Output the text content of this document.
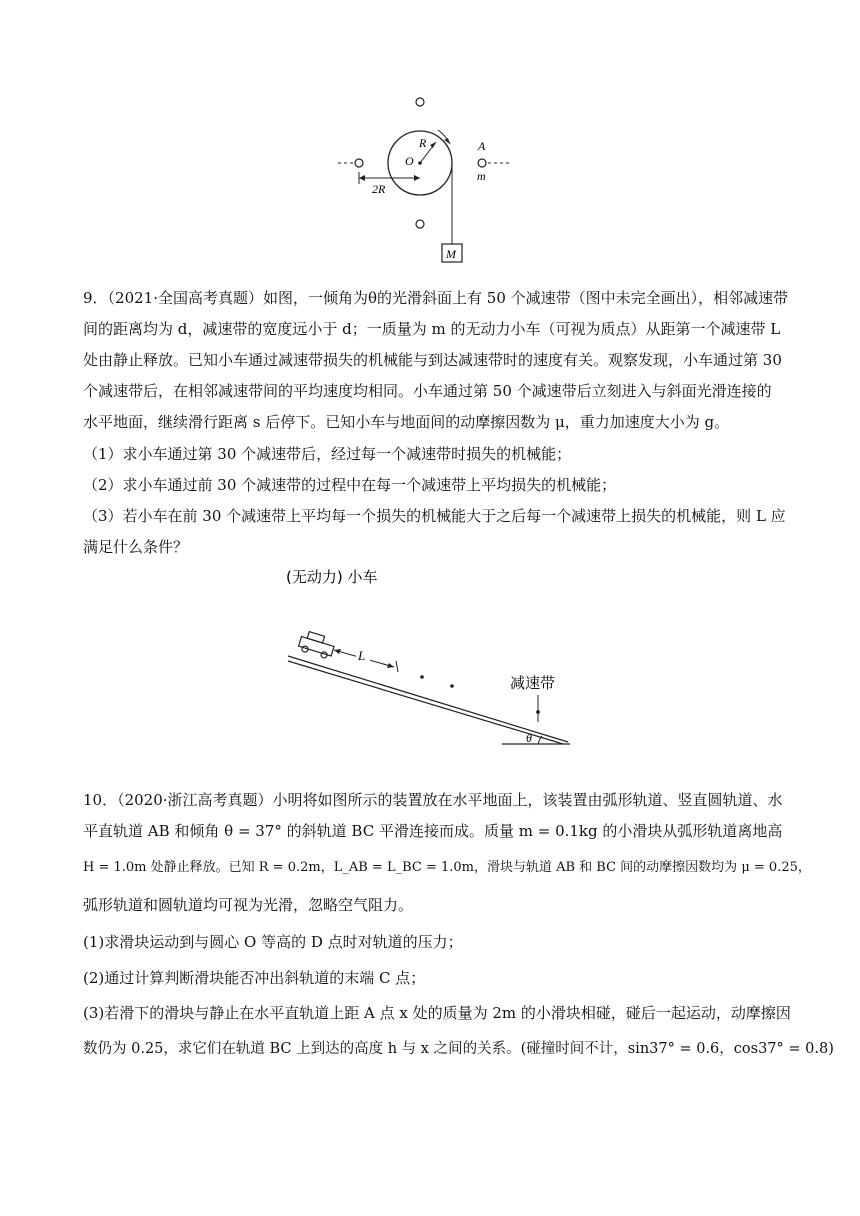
R
O
A
m
2R
M
9．（2021·全国高考真题）如图，一倾角为θ的光滑斜面上有 50 个减速带（图中未完全画出），相邻减速带
间的距离均为 d，减速带的宽度远小于 d；一质量为 m 的无动力小车（可视为质点）从距第一个减速带 L
处由静止释放。已知小车通过减速带损失的机械能与到达减速带时的速度有关。观察发现，小车通过第 30
个减速带后，在相邻减速带间的平均速度均相同。小车通过第 50 个减速带后立刻进入与斜面光滑连接的
水平地面，继续滑行距离 s 后停下。已知小车与地面间的动摩擦因数为 μ，重力加速度大小为 g。
（1）求小车通过第 30 个减速带后，经过每一个减速带时损失的机械能；
（2）求小车通过前 30 个减速带的过程中在每一个减速带上平均损失的机械能；
（3）若小车在前 30 个减速带上平均每一个损失的机械能大于之后每一个减速带上损失的机械能，则 L 应
满足什么条件？
(无动力) 小车
θ
L
减速带
10．（2020·浙江高考真题）小明将如图所示的装置放在水平地面上，该装置由弧形轨道、竖直圆轨道、水
平直轨道 AB 和倾角 θ = 37° 的斜轨道 BC 平滑连接而成。质量 m = 0.1kg 的小滑块从弧形轨道离地高
H = 1.0m 处静止释放。已知 R = 0.2m，L_AB = L_BC = 1.0m，滑块与轨道 AB 和 BC 间的动摩擦因数均为 μ = 0.25，
弧形轨道和圆轨道均可视为光滑，忽略空气阻力。
(1)求滑块运动到与圆心 O 等高的 D 点时对轨道的压力；
(2)通过计算判断滑块能否冲出斜轨道的末端 C 点；
(3)若滑下的滑块与静止在水平直轨道上距 A 点 x 处的质量为 2m 的小滑块相碰，碰后一起运动，动摩擦因
数仍为 0.25，求它们在轨道 BC 上到达的高度 h 与 x 之间的关系。(碰撞时间不计，sin37° = 0.6，cos37° = 0.8)
